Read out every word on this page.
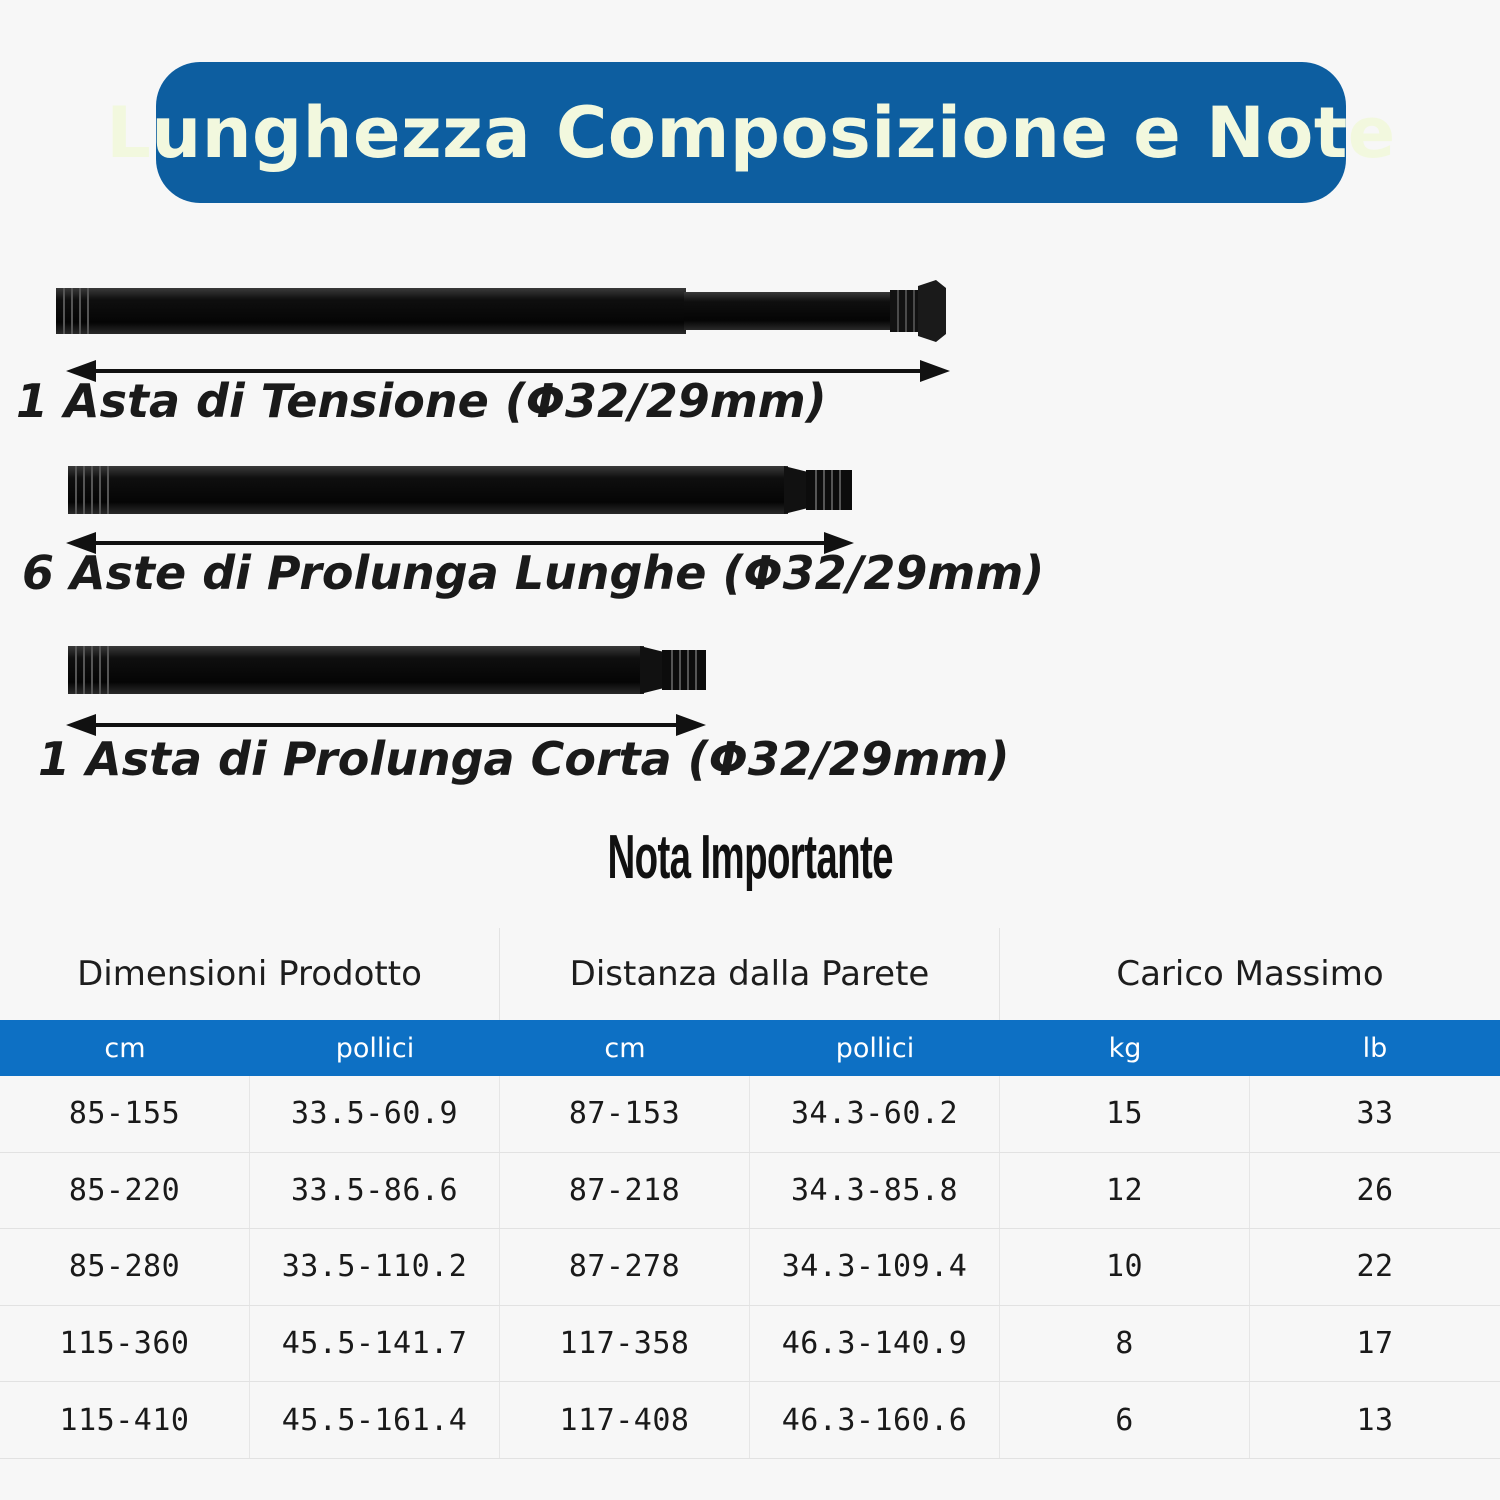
Lunghezza Composizione e Note
1 Asta di Tensione (Φ32/29mm)
6 Aste di Prolunga Lunghe (Φ32/29mm)
1 Asta di Prolunga Corta (Φ32/29mm)
Nota Importante
Dimensioni Prodotto	Distanza dalla Parete	Carico Massimo
cm	pollici	cm	pollici	kg	lb
85-155	33.5-60.9	87-153	34.3-60.2	15	33
85-220	33.5-86.6	87-218	34.3-85.8	12	26
85-280	33.5-110.2	87-278	34.3-109.4	10	22
115-360	45.5-141.7	117-358	46.3-140.9	8	17
115-410	45.5-161.4	117-408	46.3-160.6	6	13
